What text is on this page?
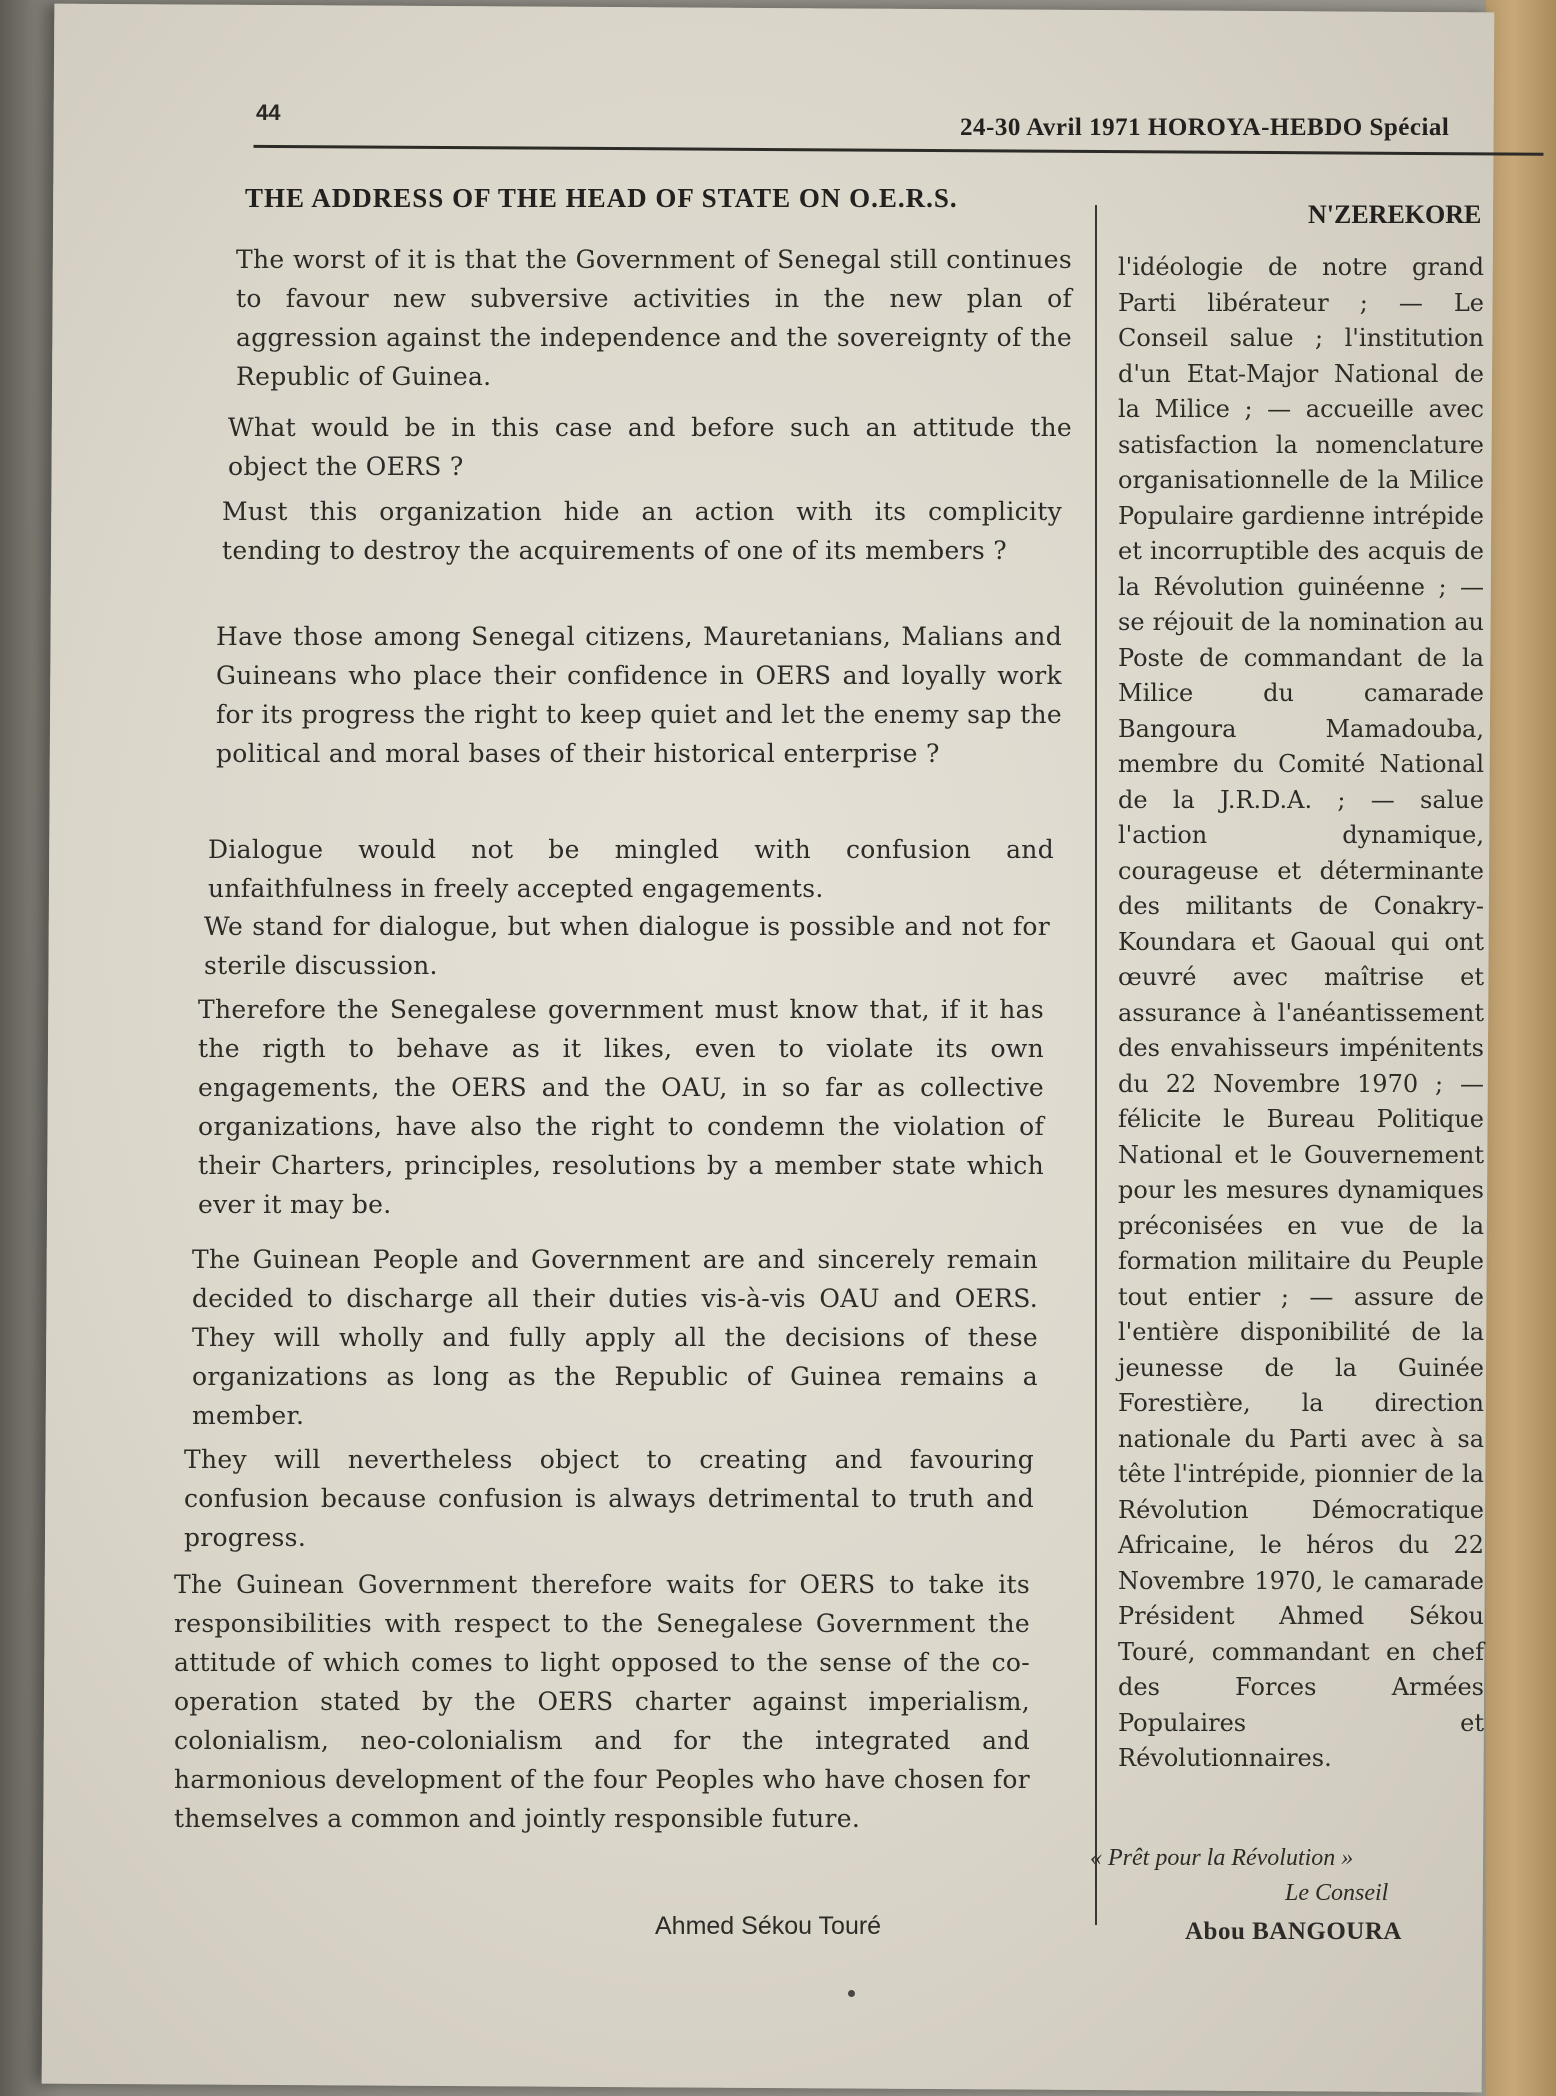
44
24-30 Avril 1971 HOROYA-HEBDO Spécial
THE ADDRESS OF THE HEAD OF STATE ON O.E.R.S.
The worst of it is that the Government of Senegal still continues to favour new subversive activities in the new plan of aggression against the independence and the sovereignty of the Republic of Guinea.
What would be in this case and before such an attitude the object the OERS ?
Must this organization hide an action with its complicity tending to destroy the acquirements of one of its members ?
Have those among Senegal citizens, Mauretanians, Malians and Guineans who place their confidence in OERS and loyally work for its progress the right to keep quiet and let the enemy sap the political and moral bases of their historical enterprise ?
Dialogue would not be mingled with confusion and unfaithfulness in freely accepted engagements.
We stand for dialogue, but when dialogue is possible and not for sterile discussion.
Therefore the Senegalese government must know that, if it has the rigth to behave as it likes, even to violate its own engagements, the OERS and the OAU, in so far as collective organizations, have also the right to condemn the violation of their Charters, principles, resolutions by a member state which ever it may be.
The Guinean People and Government are and sincerely remain decided to discharge all their duties vis-à-vis OAU and OERS. They will wholly and fully apply all the decisions of these organizations as long as the Republic of Guinea remains a member.
They will nevertheless object to creating and favouring confusion because confusion is always detrimental to truth and progress.
The Guinean Government therefore waits for OERS to take its responsibilities with respect to the Senegalese Government the attitude of which comes to light opposed to the sense of the co-operation stated by the OERS charter against imperialism, colonialism, neo-colonialism and for the integrated and harmonious development of the four Peoples who have chosen for themselves a common and jointly responsible future.
Ahmed Sékou Touré
N'ZEREKORE
l'idéologie de notre grand Parti libérateur ; — Le Conseil salue ; l'institution d'un Etat-Major National de la Milice ; — accueille avec satisfaction la nomenclature organisationnelle de la Milice Populaire gardienne intrépide et incorruptible des acquis de la Révolution guinéenne ; — se réjouit de la nomination au Poste de commandant de la Milice du camarade Bangoura Mamadouba, membre du Comité National de la J.R.D.A. ; — salue l'action dynamique, courageuse et déterminante des militants de Conakry-Koundara et Gaoual qui ont œuvré avec maîtrise et assurance à l'anéantissement des envahisseurs impénitents du 22 Novembre 1970 ; — félicite le Bureau Politique National et le Gouvernement pour les mesures dynamiques préconisées en vue de la formation militaire du Peuple tout entier ; — assure de l'entière disponibilité de la jeunesse de la Guinée Forestière, la direction nationale du Parti avec à sa tête l'intrépide, pionnier de la Révolution Démocratique Africaine, le héros du 22 Novembre 1970, le camarade Président Ahmed Sékou Touré, commandant en chef des Forces Armées Populaires et Révolutionnaires.
« Prêt pour la Révolution »
Le Conseil
Abou BANGOURA
